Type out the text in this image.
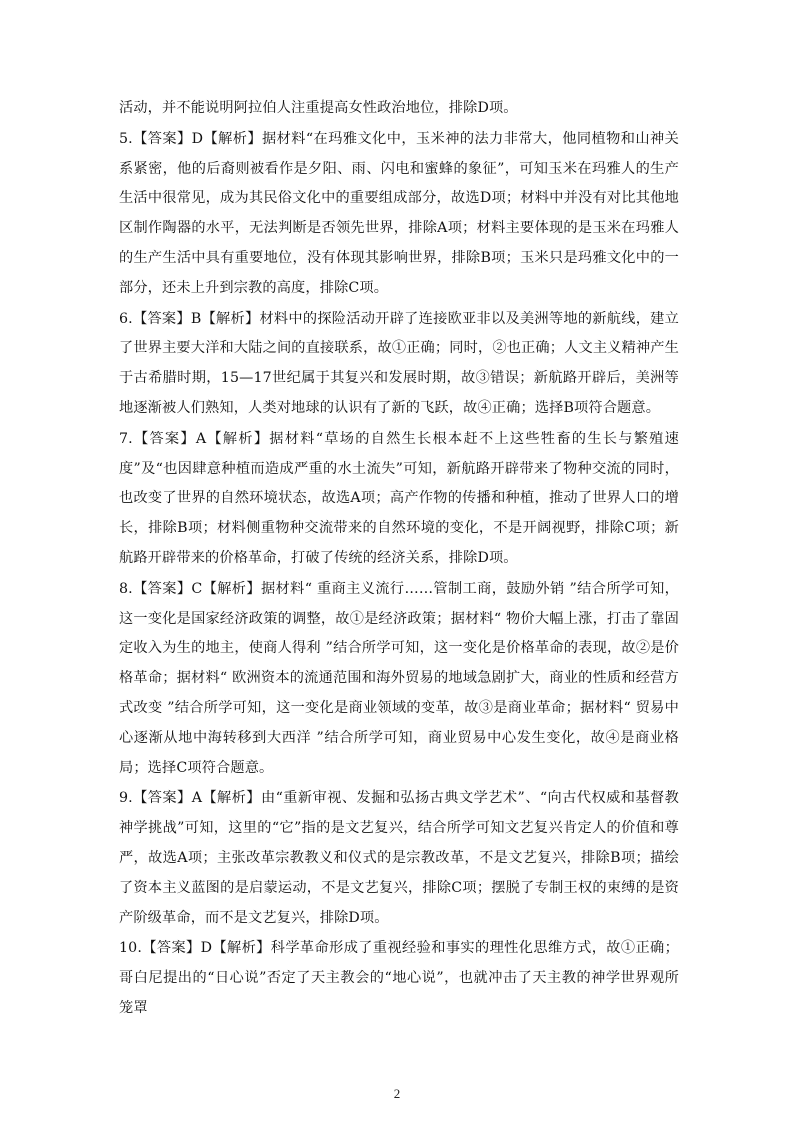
活动，并不能说明阿拉伯人注重提高女性政治地位，排除D项。

5.【答案】D【解析】据材料“在玛雅文化中，玉米神的法力非常大，他同植物和山神关系紧密，他的后裔则被看作是夕阳、雨、闪电和蜜蜂的象征”，可知玉米在玛雅人的生产生活中很常见，成为其民俗文化中的重要组成部分，故选D项；材料中并没有对比其他地区制作陶器的水平，无法判断是否领先世界，排除A项；材料主要体现的是玉米在玛雅人的生产生活中具有重要地位，没有体现其影响世界，排除B项；玉米只是玛雅文化中的一部分，还未上升到宗教的高度，排除C项。

6.【答案】B【解析】材料中的探险活动开辟了连接欧亚非以及美洲等地的新航线，建立了世界主要大洋和大陆之间的直接联系，故①正确；同时，②也正确；人文主义精神产生于古希腊时期，15—17世纪属于其复兴和发展时期，故③错误；新航路开辟后，美洲等地逐渐被人们熟知，人类对地球的认识有了新的飞跃，故④正确；选择B项符合题意。

7.【答案】A【解析】据材料“草场的自然生长根本赶不上这些牲畜的生长与繁殖速度”及“也因肆意种植而造成严重的水土流失”可知，新航路开辟带来了物种交流的同时，也改变了世界的自然环境状态，故选A项；高产作物的传播和种植，推动了世界人口的增长，排除B项；材料侧重物种交流带来的自然环境的变化，不是开阔视野，排除C项；新航路开辟带来的价格革命，打破了传统的经济关系，排除D项。

8.【答案】C【解析】据材料“ 重商主义流行……管制工商，鼓励外销 ”结合所学可知，这一变化是国家经济政策的调整，故①是经济政策；据材料“ 物价大幅上涨，打击了靠固定收入为生的地主，使商人得利 ”结合所学可知，这一变化是价格革命的表现，故②是价格革命；据材料“ 欧洲资本的流通范围和海外贸易的地域急剧扩大，商业的性质和经营方式改变 ”结合所学可知，这一变化是商业领域的变革，故③是商业革命；据材料“ 贸易中心逐渐从地中海转移到大西洋 ”结合所学可知，商业贸易中心发生变化，故④是商业格局；选择C项符合题意。

9.【答案】A【解析】由“重新审视、发掘和弘扬古典文学艺术”、“向古代权威和基督教神学挑战”可知，这里的“它”指的是文艺复兴，结合所学可知文艺复兴肯定人的价值和尊严，故选A项；主张改革宗教教义和仪式的是宗教改革，不是文艺复兴，排除B项；描绘了资本主义蓝图的是启蒙运动，不是文艺复兴，排除C项；摆脱了专制王权的束缚的是资产阶级革命，而不是文艺复兴，排除D项。

10.【答案】D【解析】科学革命形成了重视经验和事实的理性化思维方式，故①正确；哥白尼提出的“日心说”否定了天主教会的“地心说”，也就冲击了天主教的神学世界观所笼罩

2
